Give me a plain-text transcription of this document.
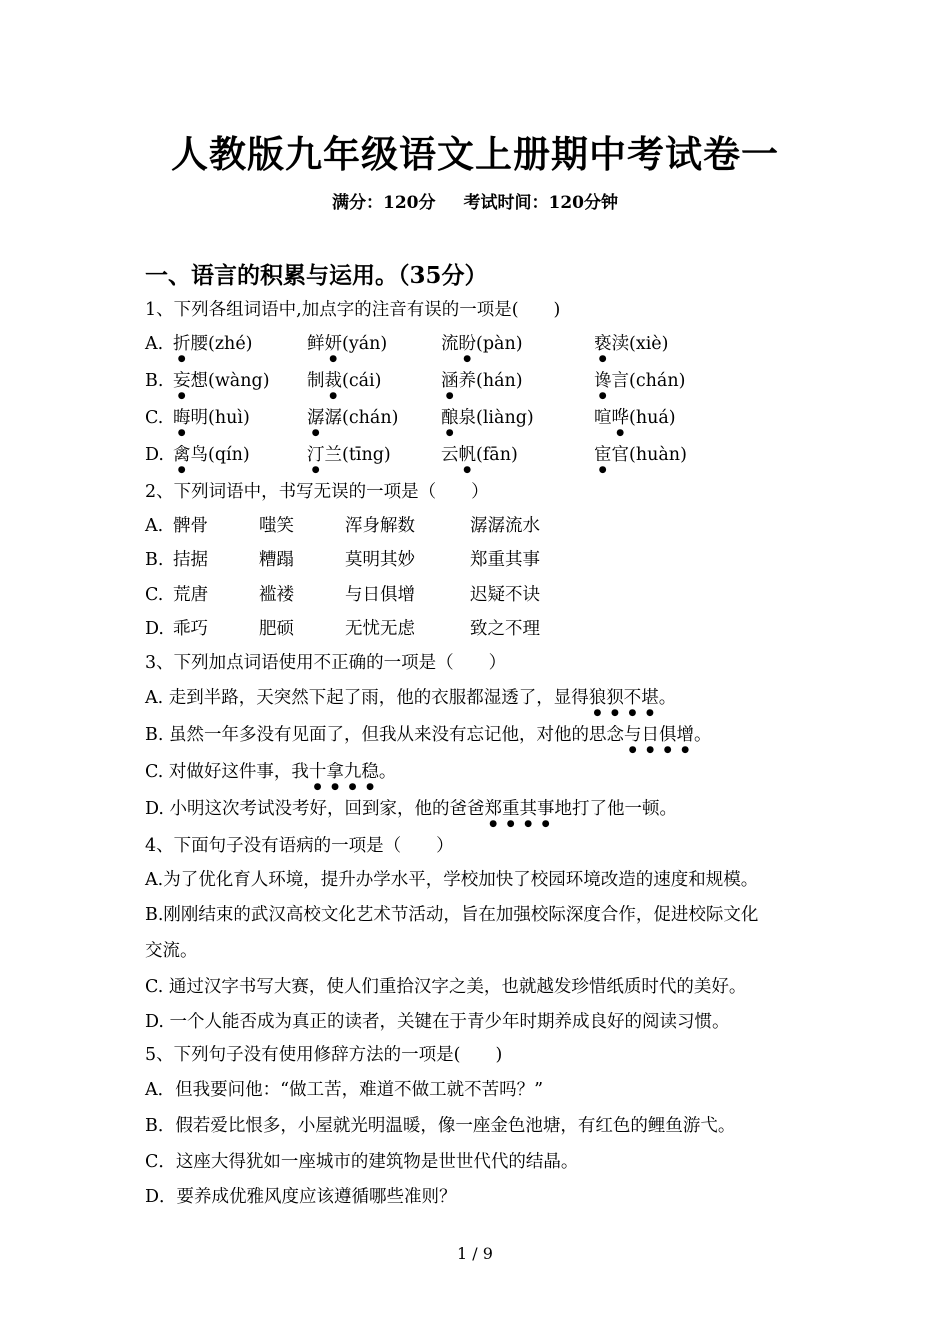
人教版九年级语文上册期中考试卷一
满分：120分 考试时间：120分钟
一、语言的积累与运用。（35分）
1、下列各组词语中,加点字的注音有误的一项是(　　)
A. 折腰(zhé)	鲜妍(yán)	流盼(pàn)	亵渎(xiè)
B. 妄想(wàng) 制裁(cái)	涵养(hán)	谗言(chán)
C. 晦明(huì)	潺潺(chán) 酿泉(liàng)	喧哗(huá)
D. 禽鸟(qín)	汀兰(tīng)	云帆(fān)	宦官(huàn)
2、下列词语中，书写无误的一项是（　　）
A. 髀骨	嗤笑	浑身解数	潺潺流水
B. 拮据	糟蹋	莫明其妙	郑重其事
C. 荒唐	褴褛	与日俱增	迟疑不诀
D. 乖巧	肥硕	无忧无虑	致之不理
3、下列加点词语使用不正确的一项是（　　）
A. 走到半路，天突然下起了雨，他的衣服都湿透了，显得狼狈不堪。
B. 虽然一年多没有见面了，但我从来没有忘记他，对他的思念与日俱增。
C. 对做好这件事，我十拿九稳。
D. 小明这次考试没考好，回到家，他的爸爸郑重其事地打了他一顿。
4、下面句子没有语病的一项是（　　）
A.为了优化育人环境，提升办学水平，学校加快了校园环境改造的速度和规模。
B.刚刚结束的武汉高校文化艺术节活动，旨在加强校际深度合作，促进校际文化
交流。
C. 通过汉字书写大赛，使人们重拾汉字之美，也就越发珍惜纸质时代的美好。
D. 一个人能否成为真正的读者，关键在于青少年时期养成良好的阅读习惯。
5、下列句子没有使用修辞方法的一项是(　　)
A．但我要问他：“做工苦，难道不做工就不苦吗？”
B．假若爱比恨多，小屋就光明温暖，像一座金色池塘，有红色的鲤鱼游弋。
C．这座大得犹如一座城市的建筑物是世世代代的结晶。
D．要养成优雅风度应该遵循哪些准则？
1 / 9
